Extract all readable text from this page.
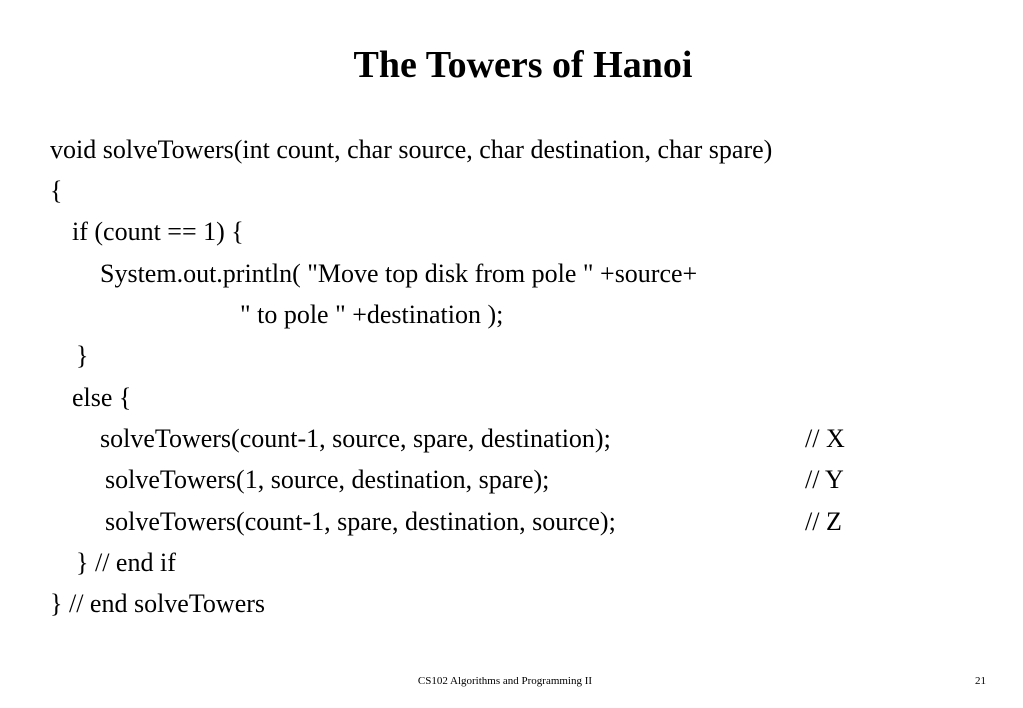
The Towers of Hanoi
void solveTowers(int count, char source, char destination, char spare)
{
if (count == 1) {
System.out.println( "Move top disk from pole " +source+
" to pole " +destination );
}
else {
solveTowers(count-1, source, spare, destination);	// X
solveTowers(1, source, destination, spare);	// Y
solveTowers(count-1, spare, destination, source);	// Z
} // end if
} // end solveTowers
CS102 Algorithms and Programming II	21
